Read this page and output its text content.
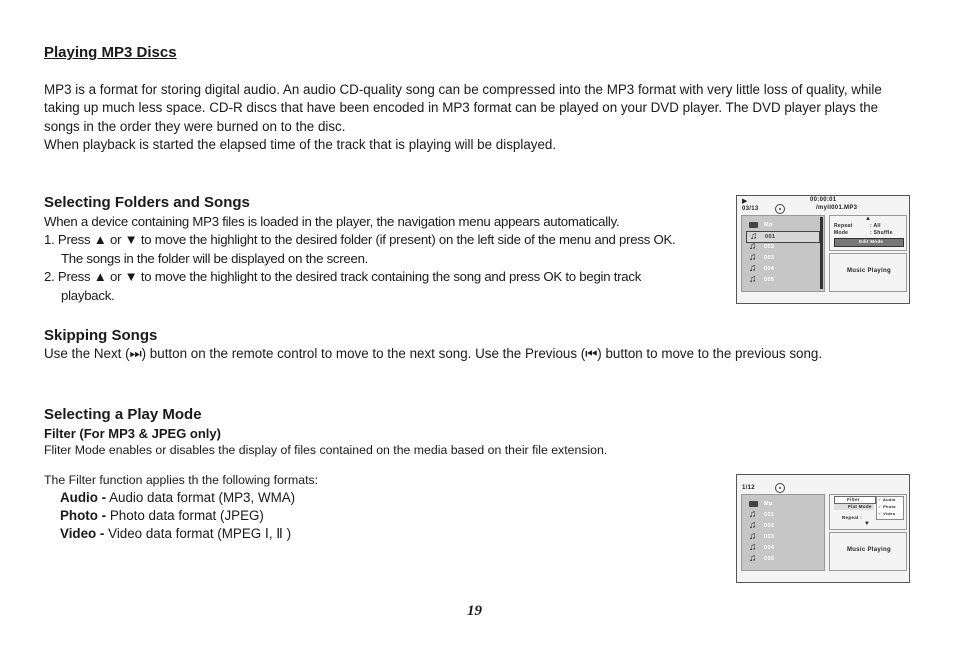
Playing MP3 Discs
MP3 is a format for storing digital audio. An audio CD-quality song can be compressed into the MP3 format with very little loss of quality, while taking up much less space. CD-R discs that have been encoded in MP3 format can be played on your DVD player. The DVD player plays the songs in the order they were burned on to the disc.
When playback is started the elapsed time of the track that is playing will be displayed.
Selecting Folders and Songs
When a device containing MP3 files is loaded in the player, the navigation menu appears automatically.
1. Press ▲ or ▼ to move the highlight to the desired folder (if present) on the left side of the menu and press OK. The songs in the folder will be displayed on the screen.
2. Press ▲ or ▼ to move the highlight to the desired track containing the song and press OK to begin track playback.
▶	00:00:01
03/13	/myll001.MP3
Mp
♫ 001
♫ 002
♫ 003
♫ 004
♫ 005
▲
Repeat	: All
Mode	: Shuffle
Edit Mode
Music Playing
Skipping Songs
Use the Next (⏭) button on the remote control to move to the next song. Use the Previous (⏮) button to move to the previous song.
Selecting a Play Mode
Filter (For MP3 & JPEG only)
Fliter Mode enables or disables the display of files contained on the media based on their file extension.
The Filter function applies th the following formats:
Audio - Audio data format (MP3, WMA)
Photo - Photo data format (JPEG)
Video - Video data format (MPEG Ⅰ, Ⅱ )
1/12
Mp
♫ 001
♫ 002
♫ 003
♫ 004
♫ 005
Filter
Flat Mode
Repeat :
✓ Audio
✓ Photo
✓ Video
▼
Music Playing
19
